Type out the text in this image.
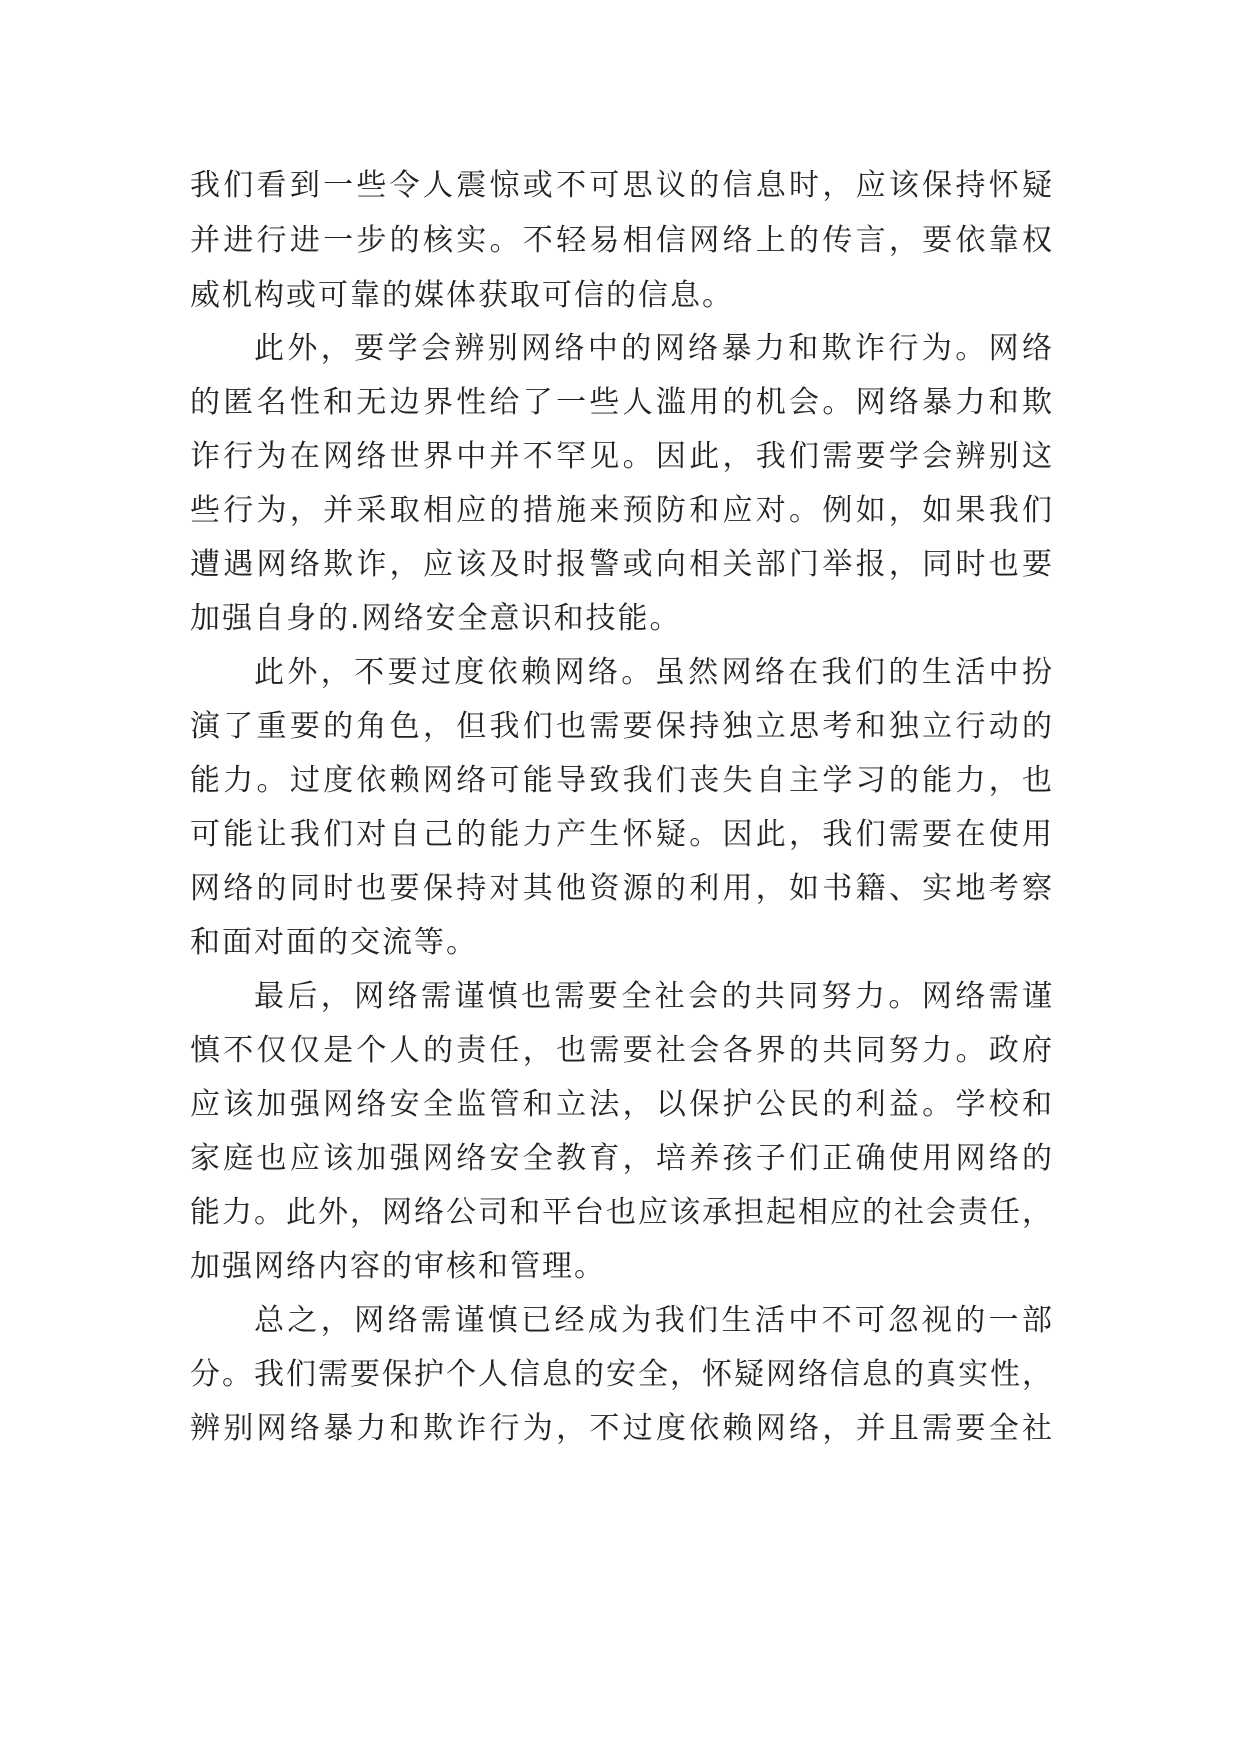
我们看到一些令人震惊或不可思议的信息时，应该保持怀疑
并进行进一步的核实。不轻易相信网络上的传言，要依靠权
威机构或可靠的媒体获取可信的信息。
此外，要学会辨别网络中的网络暴力和欺诈行为。网络
的匿名性和无边界性给了一些人滥用的机会。网络暴力和欺
诈行为在网络世界中并不罕见。因此，我们需要学会辨别这
些行为，并采取相应的措施来预防和应对。例如，如果我们
遭遇网络欺诈，应该及时报警或向相关部门举报，同时也要
加强自身的.网络安全意识和技能。
此外，不要过度依赖网络。虽然网络在我们的生活中扮
演了重要的角色，但我们也需要保持独立思考和独立行动的
能力。过度依赖网络可能导致我们丧失自主学习的能力，也
可能让我们对自己的能力产生怀疑。因此，我们需要在使用
网络的同时也要保持对其他资源的利用，如书籍、实地考察
和面对面的交流等。
最后，网络需谨慎也需要全社会的共同努力。网络需谨
慎不仅仅是个人的责任，也需要社会各界的共同努力。政府
应该加强网络安全监管和立法，以保护公民的利益。学校和
家庭也应该加强网络安全教育，培养孩子们正确使用网络的
能力。此外，网络公司和平台也应该承担起相应的社会责任，
加强网络内容的审核和管理。
总之，网络需谨慎已经成为我们生活中不可忽视的一部
分。我们需要保护个人信息的安全，怀疑网络信息的真实性，
辨别网络暴力和欺诈行为，不过度依赖网络，并且需要全社
